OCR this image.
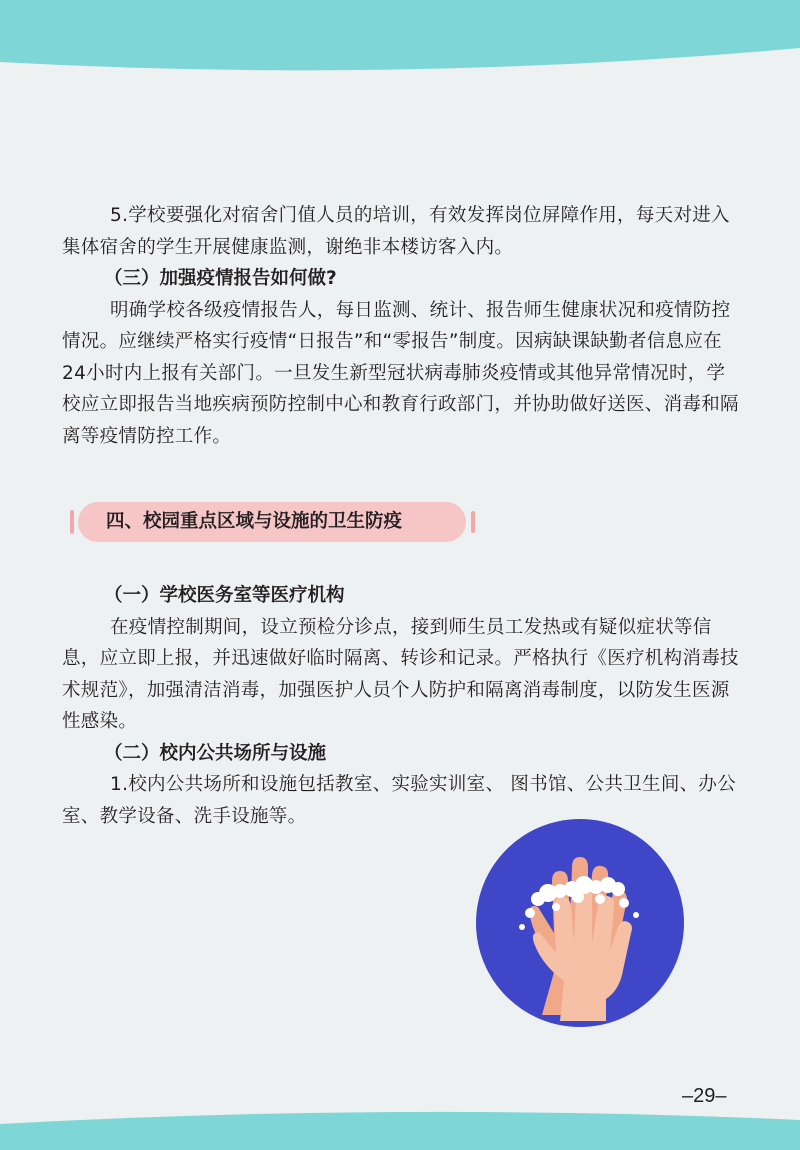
5.学校要强化对宿舍门值人员的培训，有效发挥岗位屏障作用，每天对进入集体宿舍的学生开展健康监测，谢绝非本楼访客入内。

（三）加强疫情报告如何做?

明确学校各级疫情报告人，每日监测、统计、报告师生健康状况和疫情防控情况。应继续严格实行疫情“日报告”和“零报告”制度。因病缺课缺勤者信息应在24小时内上报有关部门。一旦发生新型冠状病毒肺炎疫情或其他异常情况时，学校应立即报告当地疾病预防控制中心和教育行政部门，并协助做好送医、消毒和隔离等疫情防控工作。

四、校园重点区域与设施的卫生防疫

（一）学校医务室等医疗机构

在疫情控制期间，设立预检分诊点，接到师生员工发热或有疑似症状等信息，应立即上报，并迅速做好临时隔离、转诊和记录。严格执行《医疗机构消毒技术规范》，加强清洁消毒，加强医护人员个人防护和隔离消毒制度，以防发生医源性感染。

（二）校内公共场所与设施

1.校内公共场所和设施包括教室、实验实训室、 图书馆、公共卫生间、办公室、教学设备、洗手设施等。

–29–
